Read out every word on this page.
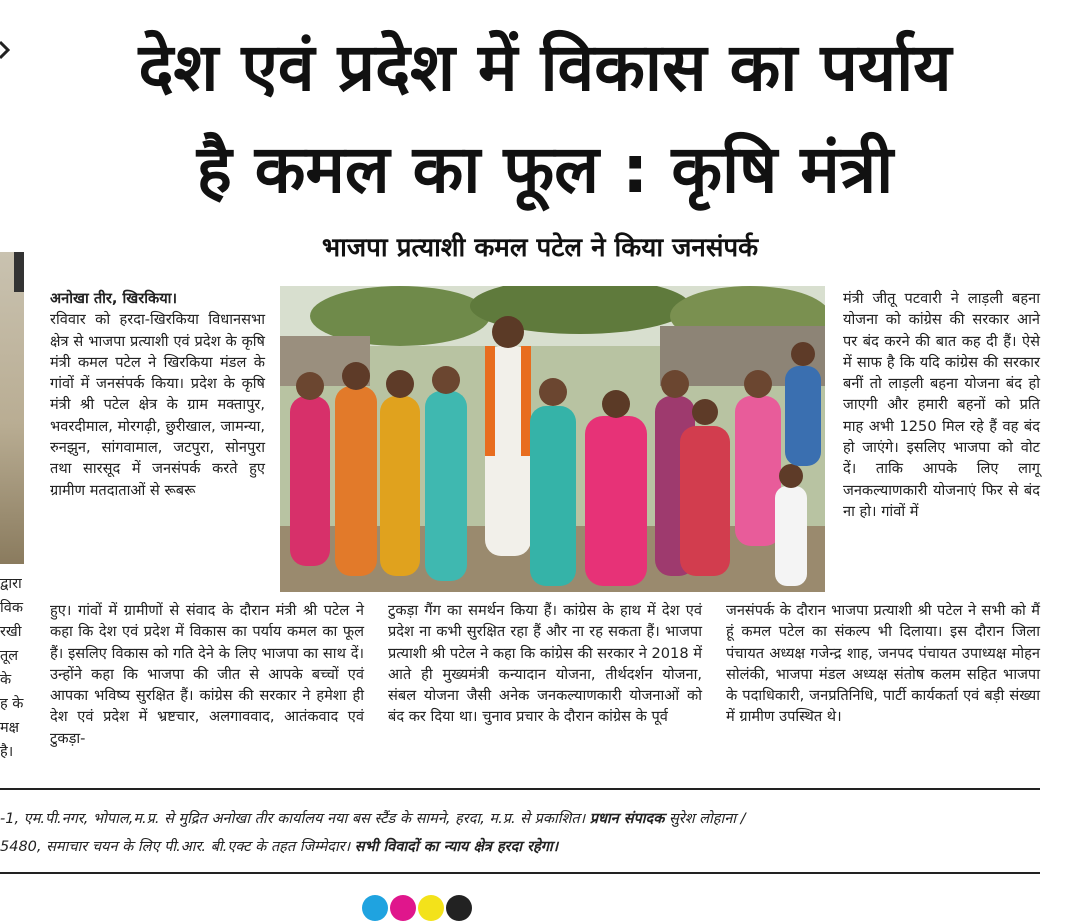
देश एवं प्रदेश में विकास का पर्याय
है कमल का फूल : कृषि मंत्री
भाजपा प्रत्याशी कमल पटेल ने किया जनसंपर्क
द्वारा
विक
रखी
तूल
के
ह के
मक्ष
है।

अनोखा तीर, खिरकिया।

रविवार को हरदा-खिरकिया विधानसभा क्षेत्र से भाजपा प्रत्याशी एवं प्रदेश के कृषि मंत्री कमल पटेल ने खिरकिया मंडल के गांवों में जनसंपर्क किया। प्रदेश के कृषि मंत्री श्री पटेल क्षेत्र के ग्राम मक्तापुर, भवरदीमाल, मोरगढ़ी, छुरीखाल, जामन्या, रुनझुन, सांगवामाल, जटपुरा, सोनपुरा तथा सारसूद में जनसंपर्क करते हुए ग्रामीण मतदाताओं से रूबरू

मंत्री जीतू पटवारी ने लाड़ली बहना योजना को कांग्रेस की सरकार आने पर बंद करने की बात कह दी हैं। ऐसे में साफ है कि यदि कांग्रेस की सरकार बनीं तो लाड़ली बहना योजना बंद हो जाएगी और हमारी बहनों को प्रति माह अभी 1250 मिल रहे हैं वह बंद हो जाएंगे। इसलिए भाजपा को वोट दें। ताकि आपके लिए लागू जनकल्याणकारी योजनाएं फिर से बंद ना हो। गांवों में
हुए। गांवों में ग्रामीणों से संवाद के दौरान मंत्री श्री पटेल ने कहा कि देश एवं प्रदेश में विकास का पर्याय कमल का फूल हैं। इसलिए विकास को गति देने के लिए भाजपा का साथ दें। उन्होंने कहा कि भाजपा की जीत से आपके बच्चों एवं आपका भविष्य सुरक्षित हैं। कांग्रेस की सरकार ने हमेशा ही देश एवं प्रदेश में भ्रष्टचार, अलगाववाद, आतंकवाद एवं टुकड़ा-
टुकड़ा गैंग का समर्थन किया हैं। कांग्रेस के हाथ में देश एवं प्रदेश ना कभी सुरक्षित रहा हैं और ना रह सकता हैं। भाजपा प्रत्याशी श्री पटेल ने कहा कि कांग्रेस की सरकार ने 2018 में आते ही मुख्यमंत्री कन्यादान योजना, तीर्थदर्शन योजना, संबल योजना जैसी अनेक जनकल्याणकारी योजनाओं को बंद कर दिया था। चुनाव प्रचार के दौरान कांग्रेस के पूर्व
जनसंपर्क के दौरान भाजपा प्रत्याशी श्री पटेल ने सभी को मैं हूं कमल पटेल का संकल्प भी दिलाया। इस दौरान जिला पंचायत अध्यक्ष गजेन्द्र शाह, जनपद पंचायत उपाध्यक्ष मोहन सोलंकी, भाजपा मंडल अध्यक्ष संतोष कलम सहित भाजपा के पदाधिकारी, जनप्रतिनिधि, पार्टी कार्यकर्ता एवं बड़ी संख्या में ग्रामीण उपस्थित थे।
-1, एम.पी.नगर, भोपाल,म.प्र. से मुद्रित अनोखा तीर कार्यालय नया बस स्टैंड के सामने, हरदा, म.प्र. से प्रकाशित। प्रधान संपादक सुरेश लोहाना /
5480, समाचार चयन के लिए पी.आर. बी.एक्ट के तहत जिम्मेदार। सभी विवादों का न्याय क्षेत्र हरदा रहेगा।
